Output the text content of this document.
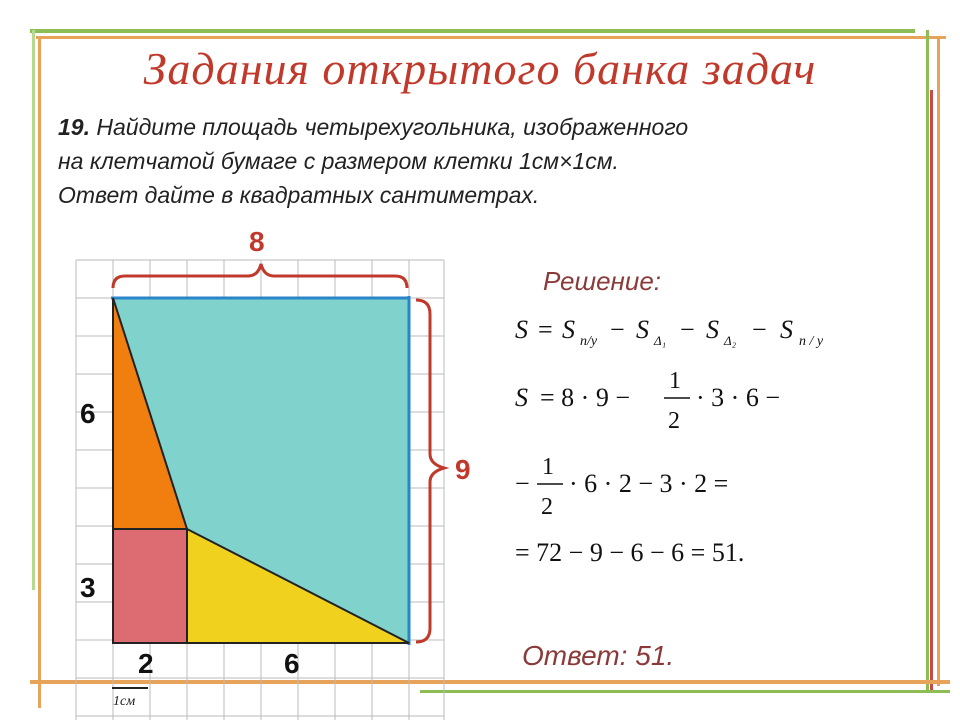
Задания открытого банка задач
19. Найдите площадь четырехугольника, изображенного
на клетчатой бумаге с размером клетки 1см×1см.
Ответ дайте в квадратных сантиметрах.
8
9
6
3
2	6
1см
Решение:
S = S п/у − S Δ₁ − S Δ₂ − S п / у
S = 8 · 9 −
1
2
· 3 · 6 −
−
1
2
· 6 · 2 − 3 · 2 =
= 72 − 9 − 6 − 6 = 51.
Ответ: 51.
